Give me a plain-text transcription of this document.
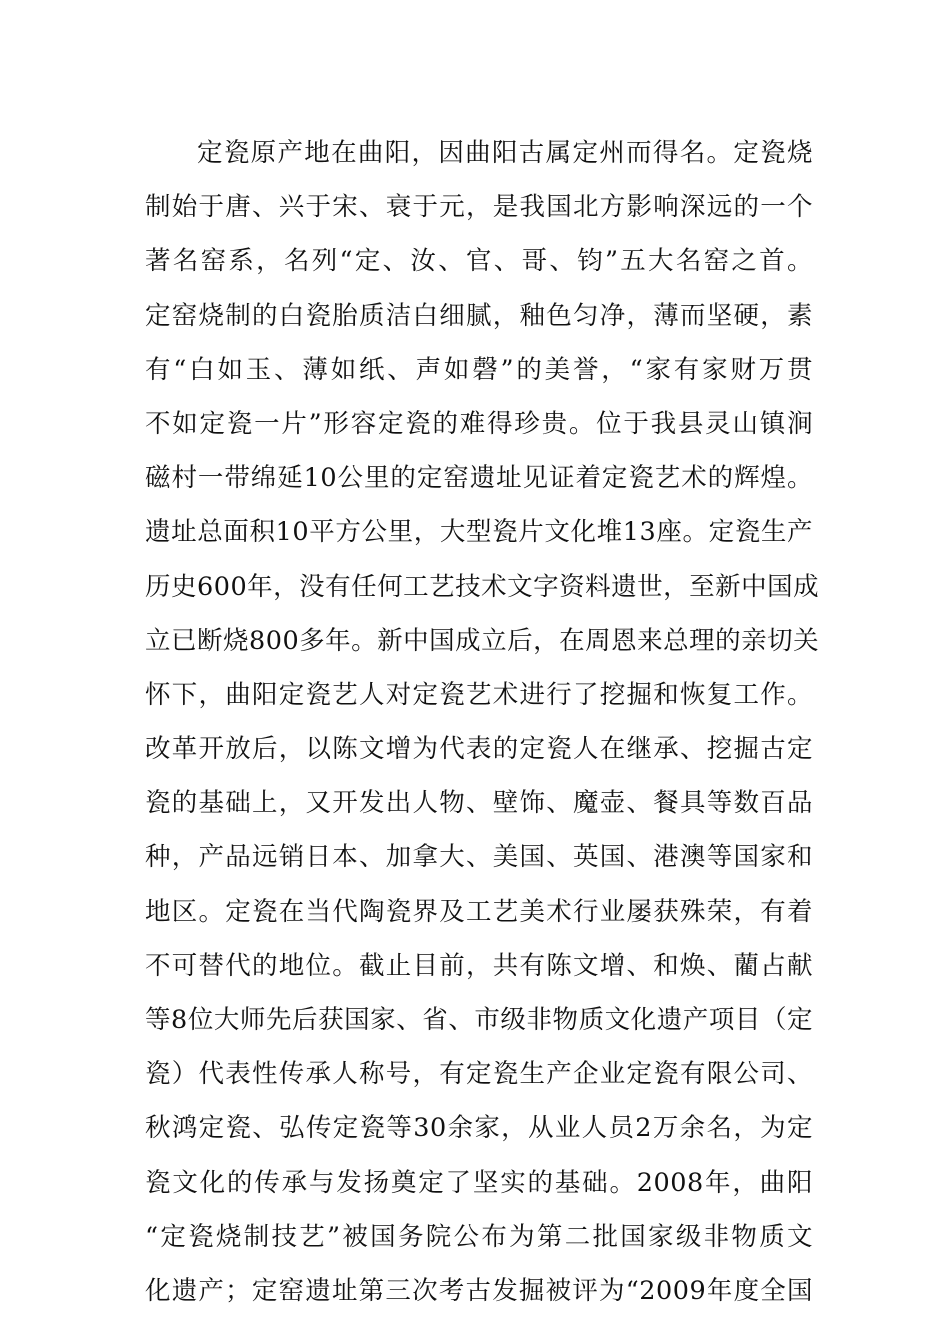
定瓷原产地在曲阳，因曲阳古属定州而得名。定瓷烧
制始于唐、兴于宋、衰于元，是我国北方影响深远的一个
著名窑系，名列“定、汝、官、哥、钧”五大名窑之首。
定窑烧制的白瓷胎质洁白细腻，釉色匀净，薄而坚硬，素
有“白如玉、薄如纸、声如磬”的美誉，“家有家财万贯
不如定瓷一片”形容定瓷的难得珍贵。位于我县灵山镇涧
磁村一带绵延10公里的定窑遗址见证着定瓷艺术的辉煌。
遗址总面积10平方公里，大型瓷片文化堆13座。定瓷生产
历史600年，没有任何工艺技术文字资料遗世，至新中国成
立已断烧800多年。新中国成立后，在周恩来总理的亲切关
怀下，曲阳定瓷艺人对定瓷艺术进行了挖掘和恢复工作。
改革开放后，以陈文增为代表的定瓷人在继承、挖掘古定
瓷的基础上，又开发出人物、壁饰、魔壶、餐具等数百品
种，产品远销日本、加拿大、美国、英国、港澳等国家和
地区。定瓷在当代陶瓷界及工艺美术行业屡获殊荣，有着
不可替代的地位。截止目前，共有陈文增、和焕、藺占献
等8位大师先后获国家、省、市级非物质文化遗产项目（定
瓷）代表性传承人称号，有定瓷生产企业定瓷有限公司、
秋鸿定瓷、弘传定瓷等30余家，从业人员2万余名，为定
瓷文化的传承与发扬奠定了坚实的基础。2008年，曲阳
“定瓷烧制技艺”被国务院公布为第二批国家级非物质文
化遗产；定窑遗址第三次考古发掘被评为“2009年度全国
